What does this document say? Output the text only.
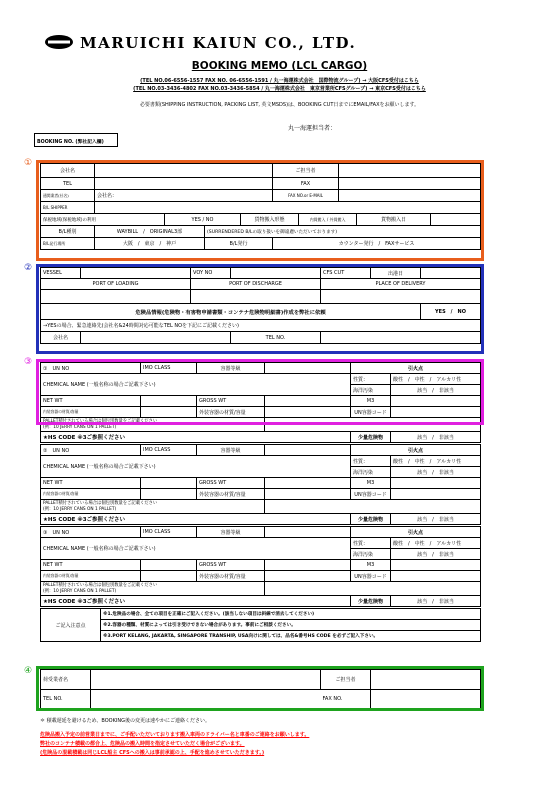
MARUICHI KAIUN CO., LTD.
BOOKING MEMO (LCL CARGO)
(TEL NO.06-6556-1557 FAX NO. 06-6556-1591 / 丸一海運株式会社　国際物流グループ) → 大阪CFS受付はこちら
(TEL NO.03-3436-4802 FAX NO.03-3436-5854 / 丸一海運株式会社　東京営業所CFSグループ) → 東京CFS受付はこちら
必要書類(SHIPPING INSTRUCTION, PACKING LIST, 英文MSDS)は、BOOKING CUT日までにEMAIL/FAXをお願いします。
丸一海運担当者：
BOOKING NO. (弊社記入欄)
①
②
③
④
会社名					ご担当者				
TEL					FAX				
通関業者(社名)	会社名：				FAX NO.or E-MAIL				
B/L SHIPPER									
保税地域(保税地域)の利用		YES / NO		貨物搬入形態		内貨搬入 / 外貨搬入		貨物搬入日	
B/L種別	WAYBILL　/　ORIGINAL3部		(SURRENDERED B/Lの取り扱いを御遠慮いただいております)						
B/L発行場所	大阪　/　東京　/　神戸		B/L発行		カウンター発行　/　FAXサービス				
VESSEL		VOY NO		CFS CUT	出港日	
PORT OF LOADING		PORT OF DISCHARGE		PLACE OF DELIVERY		

危険品情報(危険物・有害物申請書類・コンテナ危険物明細書)作成を弊社に依頼						YES　/　NO
→YESの場合、緊急連絡先(会社名&24時間対応可能なTEL NOを下記にご記載ください)						
会社名			TEL NO.			
①　 UN NO	IMO CLASS	容器等級		引火点	
CHEMICAL NAME (一般名称の場合ご記載下さい)				性質：	酸性　/　中性　/　アルカリ性
				海洋汚染	該当　/　非該当
NET WT		GROSS WT		M3	
内装容器の材質/容量		外装容器の材質/容量		UN容器コード	
PALLET積付されている場合は個包別数量をご記載ください
(例：10 JERRY CANS ON 1 PALLET)					
★HS CODE ※3ご参照ください				少量危険物	該当　/　非該当
②　 UN NO	IMO CLASS	容器等級		引火点	
CHEMICAL NAME (一般名称の場合ご記載下さい)				性質：	酸性　/　中性　/　アルカリ性
				海洋汚染	該当　/　非該当
NET WT		GROSS WT		M3	
内装容器の材質/容量		外装容器の材質/容量		UN容器コード	
PALLET積付されている場合は個包別数量をご記載ください
(例：10 JERRY CANS ON 1 PALLET)					
★HS CODE ※3ご参照ください				少量危険物	該当　/　非該当
③　 UN NO	IMO CLASS	容器等級		引火点	
CHEMICAL NAME (一般名称の場合ご記載下さい)				性質：	酸性　/　中性　/　アルカリ性
				海洋汚染	該当　/　非該当
NET WT		GROSS WT		M3	
内装容器の材質/容量		外装容器の材質/容量		UN容器コード	
PALLET積付されている場合は個包別数量をご記載ください
(例：10 JERRY CANS ON 1 PALLET)					
★HS CODE ※3ご参照ください				少量危険物	該当　/　非該当
ご記入注意点	※1.危険品の場合、全ての項目を正確にご記入ください。(該当しない項目は斜線で消去してください)
※2.容器の種類、材質によっては引き受けできない場合があります。事前にご相談ください。
※3.PORT KELANG, JAKARTA, SINGAPORE TRANSHIP, USA向けに関しては、品名&番号HS CODE を必ずご記入下さい。
荷受業者名		ご担当者	
TEL NO.		FAX NO.	
＊ 積載遅延を避けるため、BOOKING後の変更は速やかにご連絡ください。
危険品搬入予定の前営業日までに、ご手配いただいております搬入車両のドライバー名と車番のご連絡をお願いします。
弊社のコンテナ積載の都合上、危険品の搬入時間を指定させていただく場合がございます。
(危険品の混載積載は同じLCL船主 CFSへの搬入は事前承認の上、手配を進めさせていただきます。)
